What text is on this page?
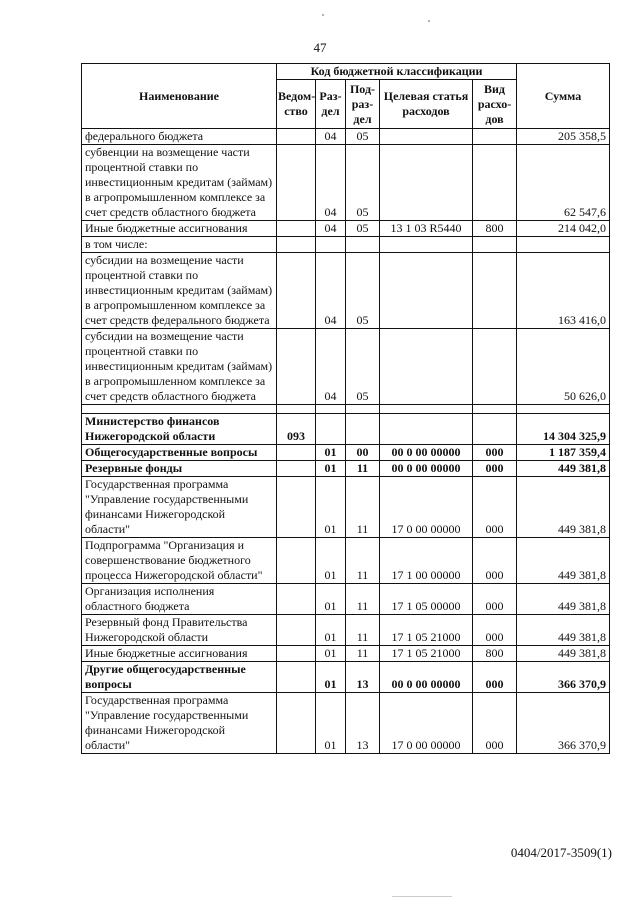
47
Наименование	Код бюджетной классификации					Сумма
	Ведом-ство	Раз-дел	Под-раз-дел	Целевая статья расходов	Вид расхо-дов	
федерального бюджета		04	05			205 358,5
субвенции на возмещение части процентной ставки по инвестиционным кредитам (займам) в агропромышленном комплексе за счет средств областного бюджета		04	05			62 547,6
Иные бюджетные ассигнования		04	05	13 1 03 R5440	800	214 042,0
в том числе:						
субсидии на возмещение части процентной ставки по инвестиционным кредитам (займам) в агропромышленном комплексе за счет средств федерального бюджета		04	05			163 416,0
субсидии на возмещение части процентной ставки по инвестиционным кредитам (займам) в агропромышленном комплексе за счет средств областного бюджета		04	05			50 626,0

Министерство финансов Нижегородской области	093					14 304 325,9
Общегосударственные вопросы		01	00	00 0 00 00000	000	1 187 359,4
Резервные фонды		01	11	00 0 00 00000	000	449 381,8
Государственная программа "Управление государственными финансами Нижегородской области"		01	11	17 0 00 00000	000	449 381,8
Подпрограмма "Организация и совершенствование бюджетного процесса Нижегородской области"		01	11	17 1 00 00000	000	449 381,8
Организация исполнения областного бюджета		01	11	17 1 05 00000	000	449 381,8
Резервный фонд Правительства Нижегородской области		01	11	17 1 05 21000	000	449 381,8
Иные бюджетные ассигнования		01	11	17 1 05 21000	800	449 381,8
Другие общегосударственные вопросы		01	13	00 0 00 00000	000	366 370,9
Государственная программа "Управление государственными финансами Нижегородской области"		01	13	17 0 00 00000	000	366 370,9
0404/2017-3509(1)
